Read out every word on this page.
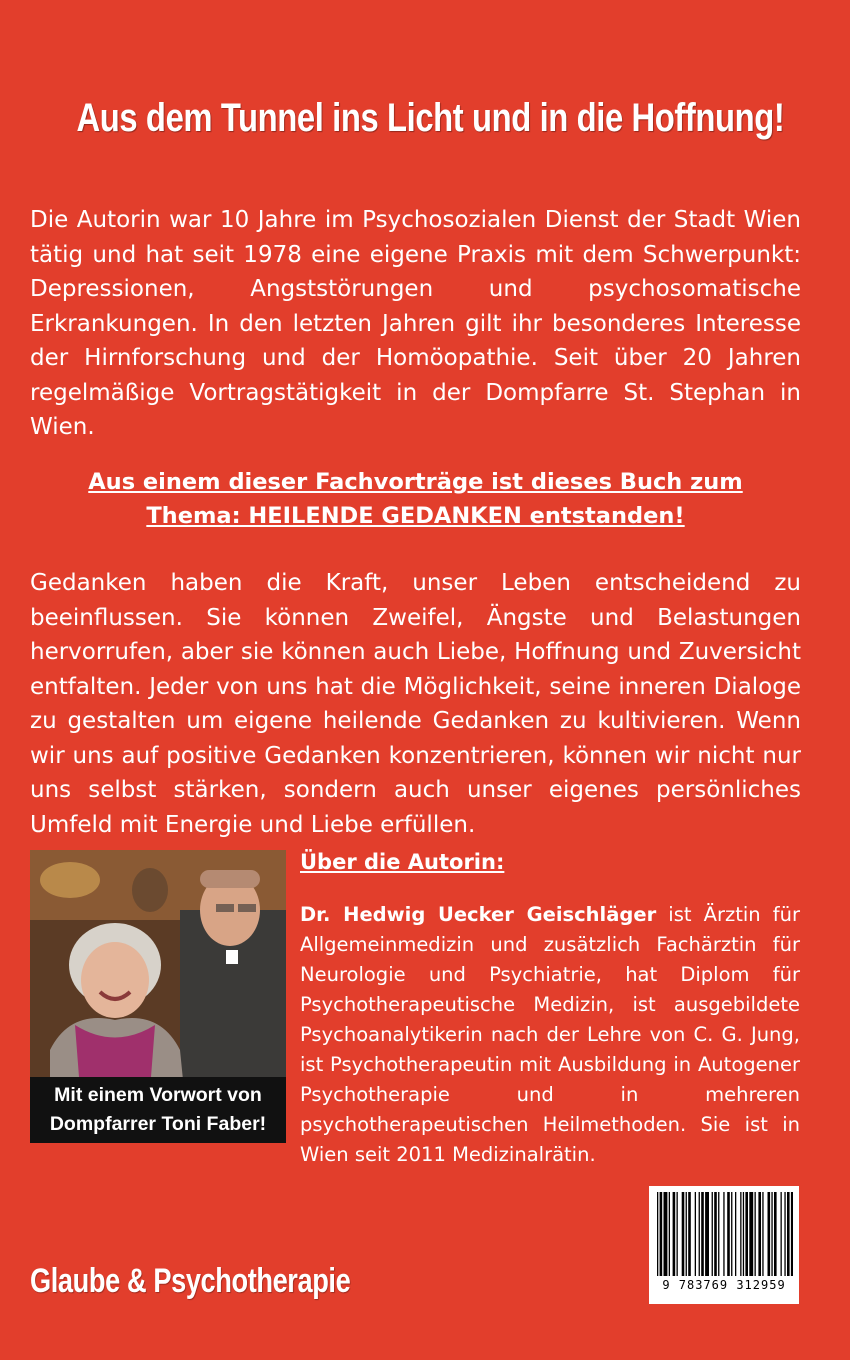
Aus dem Tunnel ins Licht und in die Hoffnung!

Die Autorin war 10 Jahre im Psychosozialen Dienst der Stadt Wien tätig und hat seit 1978 eine eigene Praxis mit dem Schwerpunkt: Depressionen, Angststörungen und psychosomatische Erkrankungen. In den letzten Jahren gilt ihr besonderes Interesse der Hirnforschung und der Homöopathie. Seit über 20 Jahren regelmäßige Vortragstätigkeit in der Dompfarre St. Stephan in Wien.

Aus einem dieser Fachvorträge ist dieses Buch zum
Thema: HEILENDE GEDANKEN entstanden!

Gedanken haben die Kraft, unser Leben entscheidend zu beeinflussen. Sie können Zweifel, Ängste und Belastungen hervorrufen, aber sie können auch Liebe, Hoffnung und Zuversicht entfalten. Jeder von uns hat die Möglichkeit, seine inneren Dialoge zu gestalten um eigene heilende Gedanken zu kultivieren. Wenn wir uns auf positive Gedanken konzentrieren, können wir nicht nur uns selbst stärken, sondern auch unser eigenes persönliches Umfeld mit Energie und Liebe erfüllen.

Mit einem Vorwort von
Dompfarrer Toni Faber!
Über die Autorin:

Dr. Hedwig Uecker Geischläger ist Ärztin für Allgemeinmedizin und zusätzlich Fachärztin für Neurologie und Psychiatrie, hat Diplom für Psychotherapeutische Medizin, ist ausgebildete Psychoanalytikerin nach der Lehre von C. G. Jung, ist Psychotherapeutin mit Ausbildung in Autogener Psychotherapie und in mehreren psychotherapeutischen Heilmethoden. Sie ist in Wien seit 2011 Medizinalrätin.

Glaube & Psychotherapie	9 783769 312959
